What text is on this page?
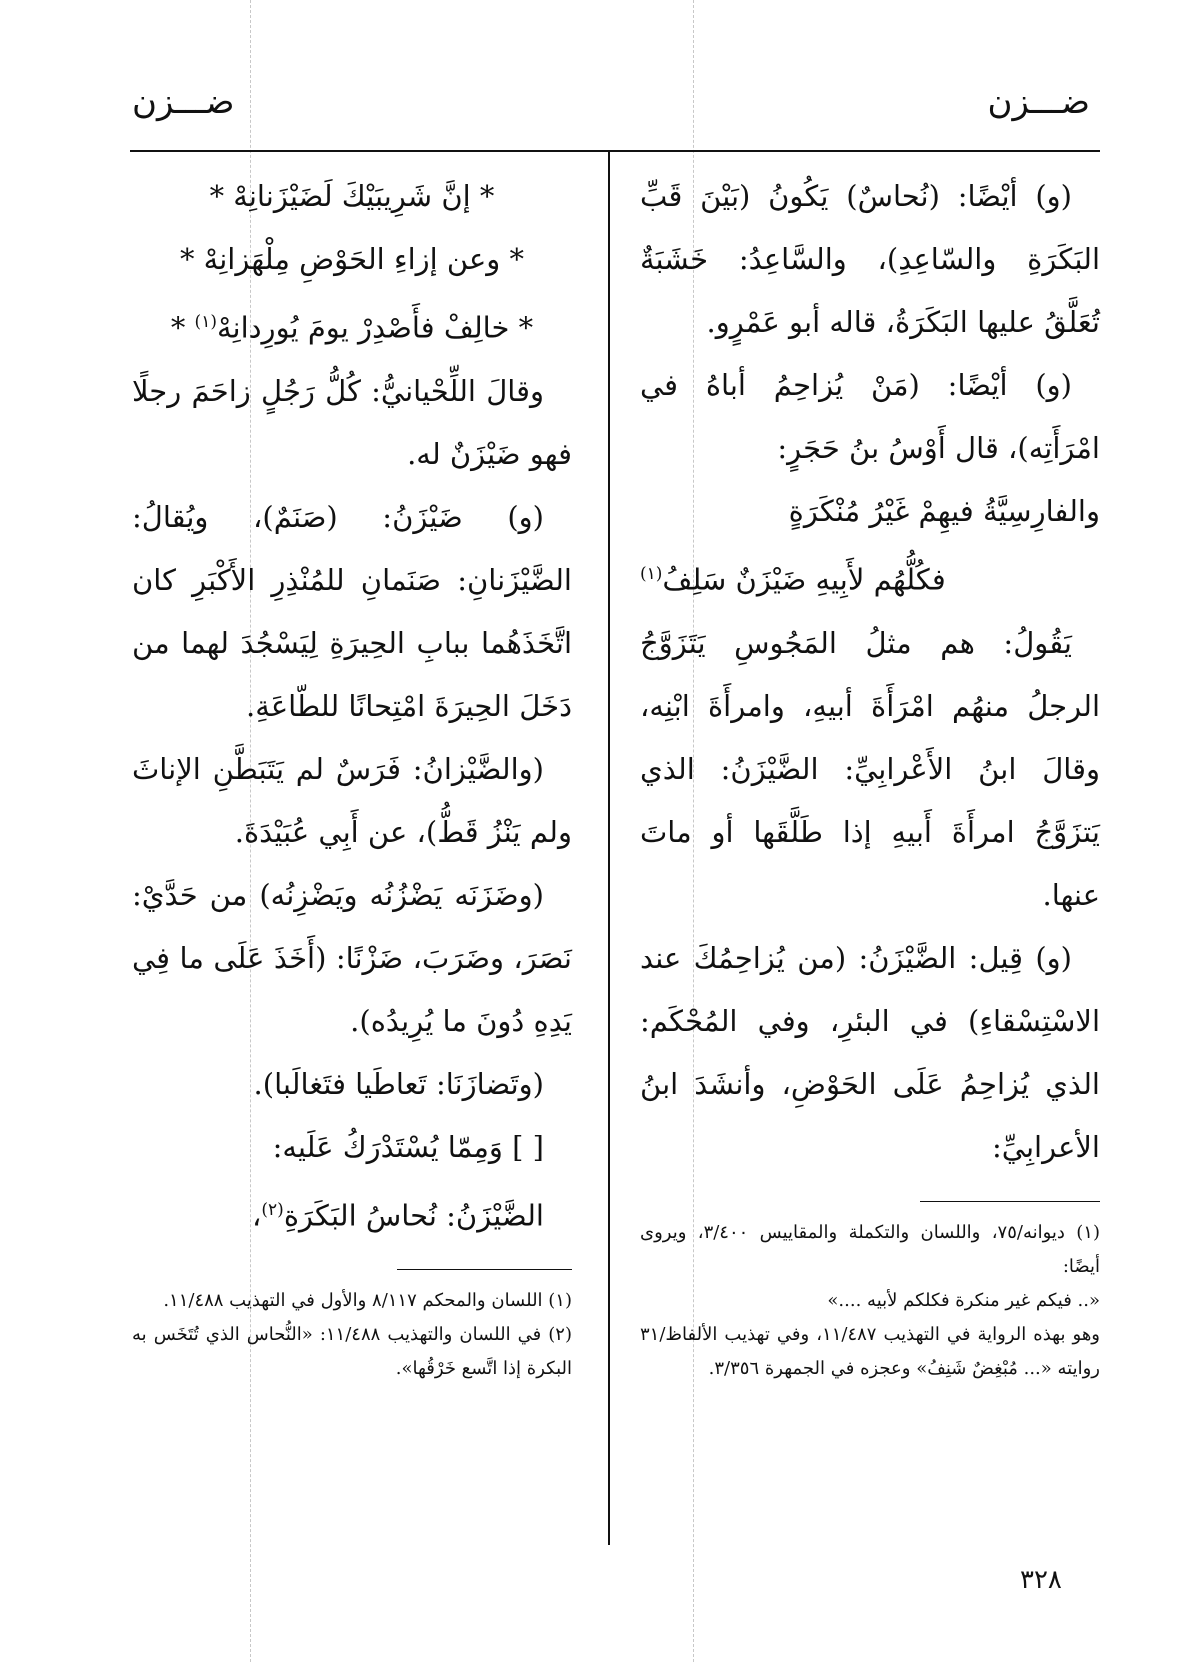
ضـــزن
ضـــزن

(و) أيْضًا: (نُحاسٌ) يَكُونُ (بَيْنَ قَبِّ البَكَرَةِ والسّاعِدِ)، والسَّاعِدُ: خَشَبَةٌ تُعَلَّقُ عليها البَكَرَةُ، قاله أبو عَمْرٍو.

(و) أيْضًا: (مَنْ يُزاحِمُ أباهُ في امْرَأَتِه)، قال أَوْسُ بنُ حَجَرٍ:

والفارِسِيَّةُ فيهِمْ غَيْرُ مُنْكَرَةٍ

فكُلُّهُم لأَبِيهِ ضَيْزَنٌ سَلِفُ$^{(١)}$

يَقُولُ: هم مثلُ المَجُوسِ يَتَزَوَّجُ الرجلُ منهُم امْرَأَةَ أبيهِ، وامرأَةَ ابْنِه، وقالَ ابنُ الأَعْرابِيِّ: الضَّيْزَنُ: الذي يَتزَوَّجُ امرأَةَ أَبيهِ إذا طَلَّقَها أو ماتَ عنها.

(و) قِيل: الضَّيْزَنُ: (من يُزاحِمُكَ عند الاسْتِسْقاءِ) في البئرِ، وفي المُحْكَم: الذي يُزاحِمُ عَلَى الحَوْضِ، وأنشَدَ ابنُ الأعرابِيِّ:

(١) ديوانه/٧٥، واللسان والتكملة والمقاييس ٣/٤٠٠، ويروى أيضًا:

«.. فيكم غير منكرة فكلكم لأبيه ....»

وهو بهذه الرواية في التهذيب ١١/٤٨٧، وفي تهذيب الألفاظ/٣١ روايته «... مُبْغِضٌ شَنِفُ» وعجزه في الجمهرة ٣/٣٥٦.

* إنَّ شَرِيبَيْكَ لَضَيْزَنانِهْ *

* وعن إزاءِ الحَوْضِ مِلْهَزانِهْ *

* خالِفْ فأَصْدِرْ يومَ يُورِدانِهْ$^{(١)}$ *

وقالَ اللِّحْيانيُّ: كُلُّ رَجُلٍ زاحَمَ رجلًا فهو ضَيْزَنٌ له.

(و) ضَيْزَنُ: (صَنَمٌ)، ويُقالُ: الضَّيْزَنانِ: صَنَمانِ للمُنْذِرِ الأَكْبَرِ كان اتَّخَذَهُما ببابِ الحِيرَةِ لِيَسْجُدَ لهما من دَخَلَ الحِيرَةَ امْتِحانًا للطّاعَةِ.

(والضَّيْزانُ: فَرَسٌ لم يَتَبَطَّنِ الإناثَ ولم يَنْزُ قَطُّ)، عن أَبِي عُبَيْدَةَ.

(وضَزَنَه يَضْزُنُه ويَضْزِنُه) من حَدَّيْ: نَصَرَ، وضَرَبَ، ضَزْنًا: (أَخَذَ عَلَى ما فِي يَدِهِ دُونَ ما يُرِيدُه).

(وتَضازَنَا: تَعاطَيا فتَغالَبا).

[ ] وَمِمّا يُسْتَدْرَكُ عَلَيه:

الضَّيْزَنُ: نُحاسُ البَكَرَةِ$^{(٢)}$،

(١) اللسان والمحكم ٨/١١٧ والأول في التهذيب ١١/٤٨٨.

(٢) في اللسان والتهذيب ١١/٤٨٨: «النُّحاس الذي تُتَخَس به البكرة إذا اتَّسع خَرْقُها».

٣٢٨
